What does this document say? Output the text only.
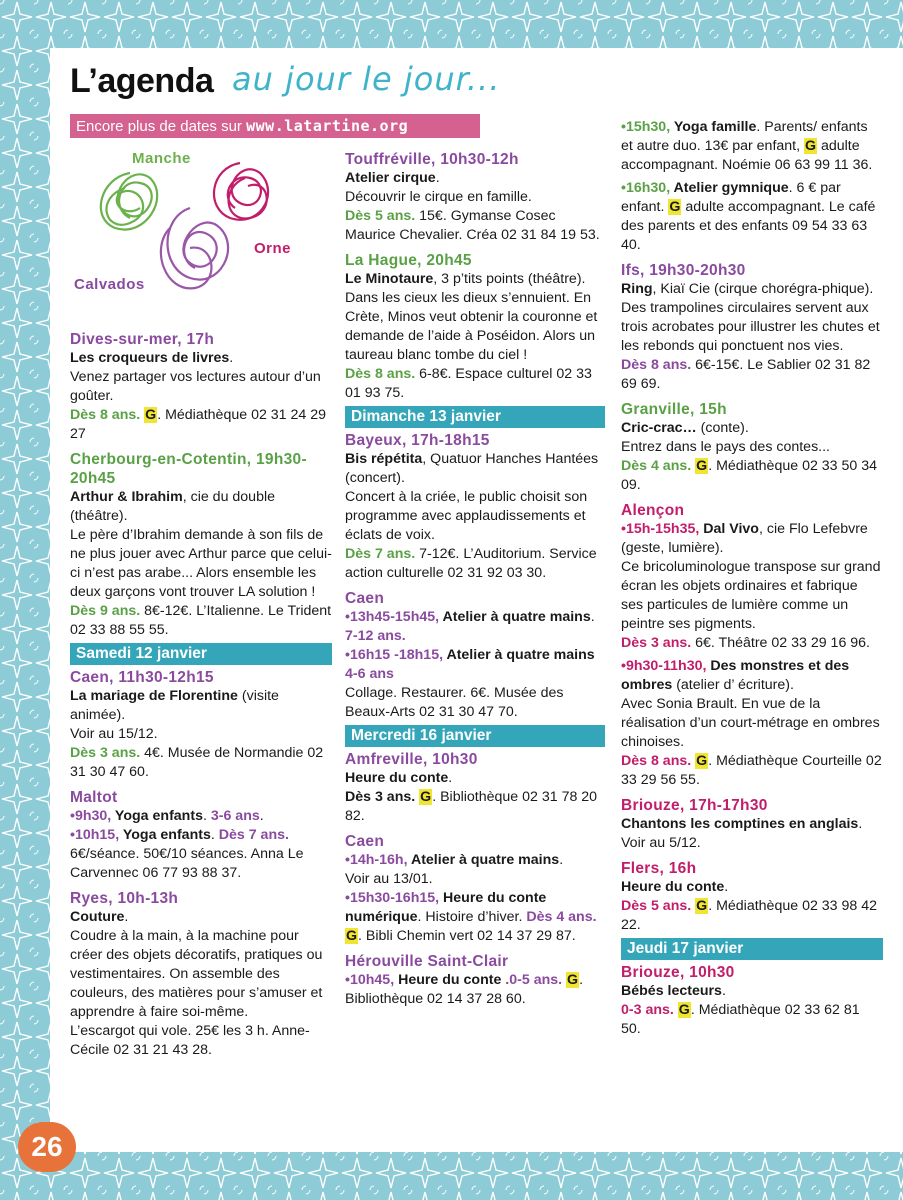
L’agenda au jour le jour...
Encore plus de dates sur www.latartine.org
Manche
Orne
Calvados
Dives-sur-mer, 17h

Les croqueurs de livres.

Venez partager vos lectures autour d’un goûter.

Dès 8 ans. G. Médiathèque 02 31 24 29 27

Cherbourg-en-Cotentin, 19h30-20h45

Arthur & Ibrahim, cie du double (théâtre).

Le père d’Ibrahim demande à son fils de ne plus jouer avec Arthur parce que celui-ci n’est pas arabe... Alors ensemble les deux garçons vont trouver LA solution !

Dès 9 ans. 8€-12€. L’Italienne. Le Trident 02 33 88 55 55.

Samedi 12 janvier
Caen, 11h30-12h15

La mariage de Florentine (visite animée).

Voir au 15/12.

Dès 3 ans. 4€. Musée de Normandie 02 31 30 47 60.

Maltot

•9h30, Yoga enfants. 3-6 ans.

•10h15, Yoga enfants. Dès 7 ans.

6€/séance. 50€/10 séances. Anna Le Carvennec 06 77 93 88 37.

Ryes, 10h-13h

Couture.

Coudre à la main, à la machine pour créer des objets décoratifs, pratiques ou vestimentaires. On assemble des couleurs, des matières pour s’amuser et apprendre à faire soi-même.

L’escargot qui vole. 25€ les 3 h. Anne-Cécile 02 31 21 43 28.

Touffréville, 10h30-12h

Atelier cirque.

Découvrir le cirque en famille.

Dès 5 ans. 15€. Gymanse Cosec Maurice Chevalier. Créa 02 31 84 19 53.

La Hague, 20h45

Le Minotaure, 3 p’tits points (théâtre).

Dans les cieux les dieux s’ennuient. En Crète, Minos veut obtenir la couronne et demande de l’aide à Poséidon. Alors un taureau blanc tombe du ciel !

Dès 8 ans. 6-8€. Espace culturel 02 33 01 93 75.

Dimanche 13 janvier
Bayeux, 17h-18h15

Bis répétita, Quatuor Hanches Hantées (concert).

Concert à la criée, le public choisit son programme avec applaudissements et éclats de voix.

Dès 7 ans. 7-12€. L’Auditorium. Service action culturelle 02 31 92 03 30.

Caen

•13h45-15h45, Atelier à quatre mains. 7-12 ans.

•16h15 -18h15, Atelier à quatre mains 4-6 ans

Collage. Restaurer. 6€. Musée des Beaux-Arts 02 31 30 47 70.

Mercredi 16 janvier
Amfreville, 10h30

Heure du conte.

Dès 3 ans. G. Bibliothèque 02 31 78 20 82.

Caen

•14h-16h, Atelier à quatre mains.

Voir au 13/01.

•15h30-16h15, Heure du conte numérique. Histoire d’hiver. Dès 4 ans. G. Bibli Chemin vert 02 14 37 29 87.

Hérouville Saint-Clair

•10h45, Heure du conte .0-5 ans. G. Bibliothèque 02 14 37 28 60.

•15h30, Yoga famille. Parents/ enfants et autre duo. 13€ par enfant, G adulte accompagnant. Noémie 06 63 99 11 36.

•16h30, Atelier gymnique. 6 € par enfant. G adulte accompagnant. Le café des parents et des enfants 09 54 33 63 40.

Ifs, 19h30-20h30

Ring, Kiaï Cie (cirque chorégra-phique).

Des trampolines circulaires servent aux trois acrobates pour illustrer les chutes et les rebonds qui ponctuent nos vies.

Dès 8 ans. 6€-15€. Le Sablier 02 31 82 69 69.

Granville, 15h

Cric-crac… (conte).

Entrez dans le pays des contes...

Dès 4 ans. G. Médiathèque 02 33 50 34 09.

Alençon

•15h-15h35, Dal Vivo, cie Flo Lefebvre (geste, lumière).

Ce bricoluminologue transpose sur grand écran les objets ordinaires et fabrique ses particules de lumière comme un peintre ses pigments.

Dès 3 ans. 6€. Théâtre 02 33 29 16 96.

•9h30-11h30, Des monstres et des ombres (atelier d’ écriture).

Avec Sonia Brault. En vue de la réalisation d’un court-métrage en ombres chinoises.

Dès 8 ans. G. Médiathèque Courteille 02 33 29 56 55.

Briouze, 17h-17h30

Chantons les comptines en anglais.

Voir au 5/12.

Flers, 16h

Heure du conte.

Dès 5 ans. G. Médiathèque 02 33 98 42 22.

Jeudi 17 janvier
Briouze, 10h30

Bébés lecteurs.

0-3 ans. G. Médiathèque 02 33 62 81 50.

26
